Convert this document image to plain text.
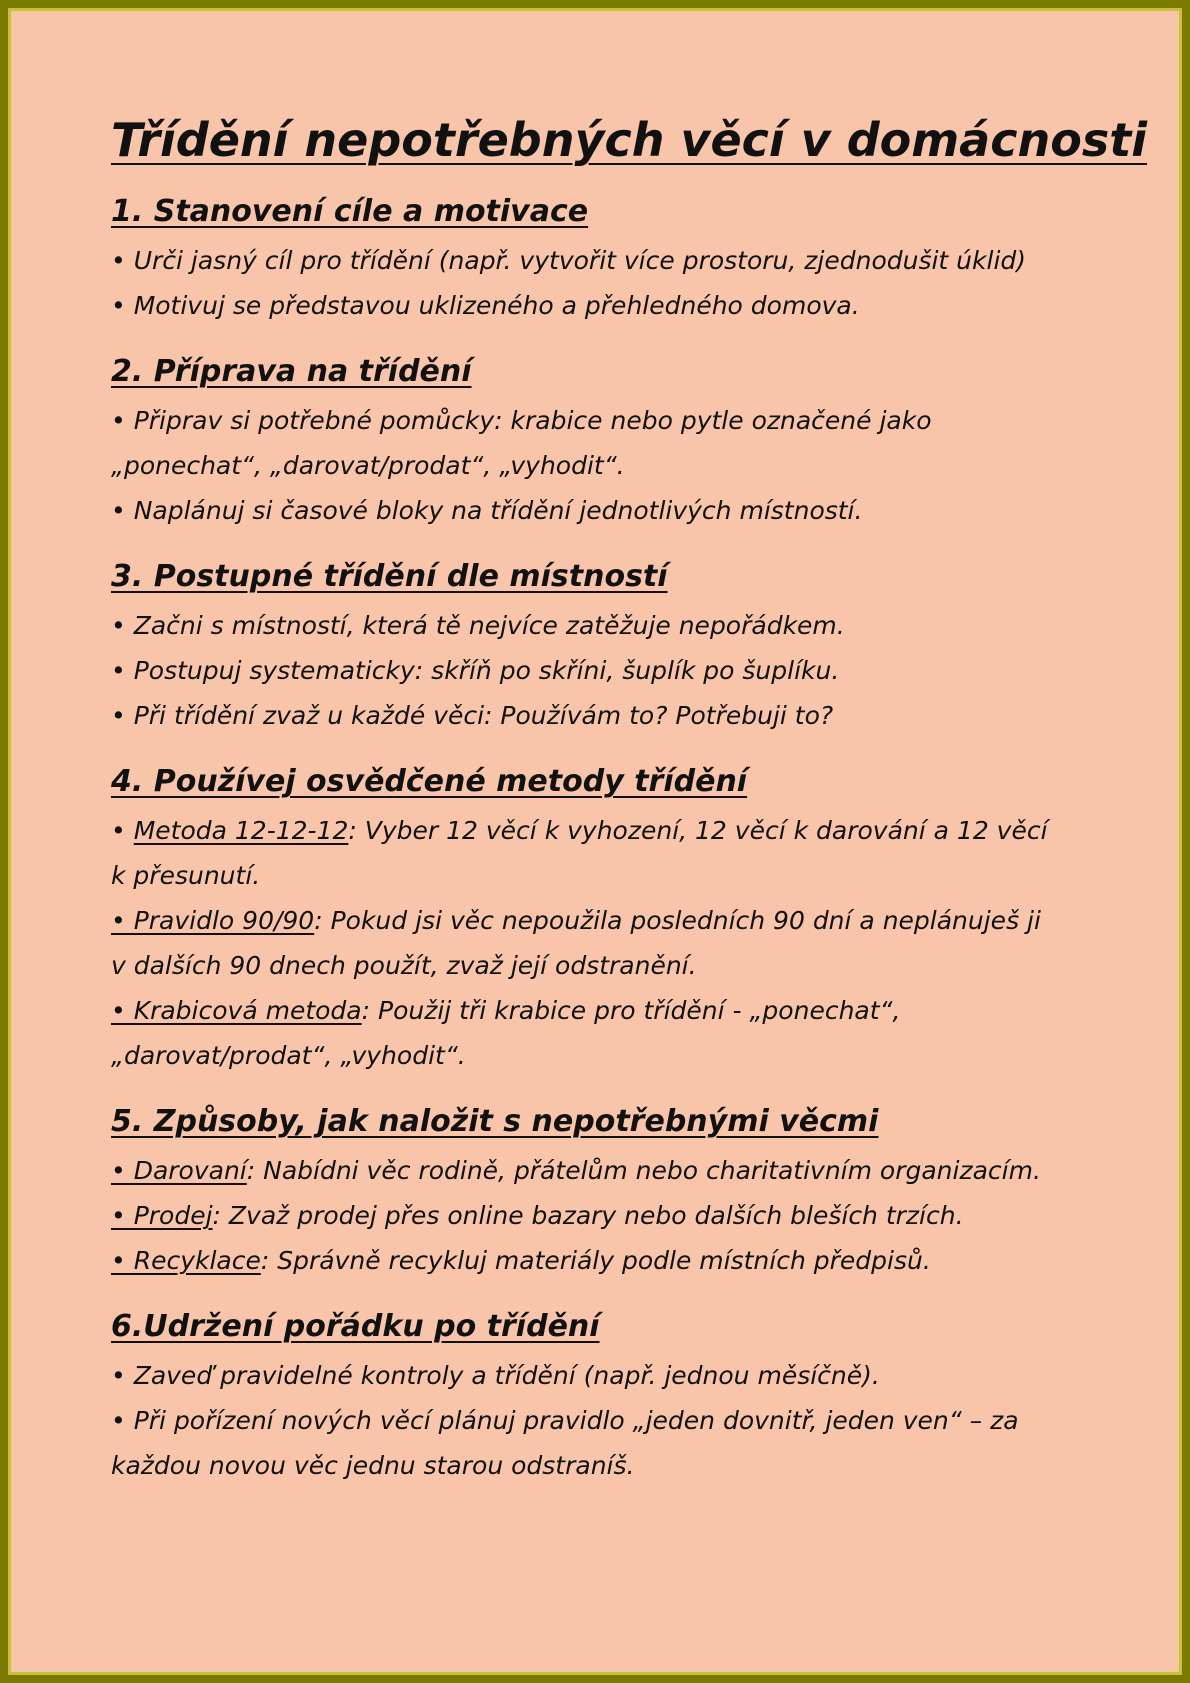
Třídění nepotřebných věcí v domácnosti
1. Stanovení cíle a motivace

• Urči jasný cíl pro třídění (např. vytvořit více prostoru, zjednodušit úklid)

• Motivuj se představou uklizeného a přehledného domova.

2. Příprava na třídění

• Připrav si potřebné pomůcky: krabice nebo pytle označené jako

„ponechat“, „darovat/prodat“, „vyhodit“.

• Naplánuj si časové bloky na třídění jednotlivých místností.

3. Postupné třídění dle místností

• Začni s místností, která tě nejvíce zatěžuje nepořádkem.

• Postupuj systematicky: skříň po skříni, šuplík po šuplíku.

• Při třídění zvaž u každé věci: Používám to? Potřebuji to?

4. Používej osvědčené metody třídění

• Metoda 12-12-12: Vyber 12 věcí k vyhození, 12 věcí k darování a 12 věcí

k přesunutí.

• Pravidlo 90/90: Pokud jsi věc nepoužila posledních 90 dní a neplánuješ ji

v dalších 90 dnech použít, zvaž její odstranění.

• Krabicová metoda: Použij tři krabice pro třídění - „ponechat“,

„darovat/prodat“, „vyhodit“.

5. Způsoby, jak naložit s nepotřebnými věcmi

• Darovaní: Nabídni věc rodině, přátelům nebo charitativním organizacím.

• Prodej: Zvaž prodej přes online bazary nebo dalších bleších trzích.

• Recyklace: Správně recykluj materiály podle místních předpisů.

6.Udržení pořádku po třídění

• Zaveď pravidelné kontroly a třídění (např. jednou měsíčně).

• Při pořízení nových věcí plánuj pravidlo „jeden dovnitř, jeden ven“ – za

každou novou věc jednu starou odstraníš.
